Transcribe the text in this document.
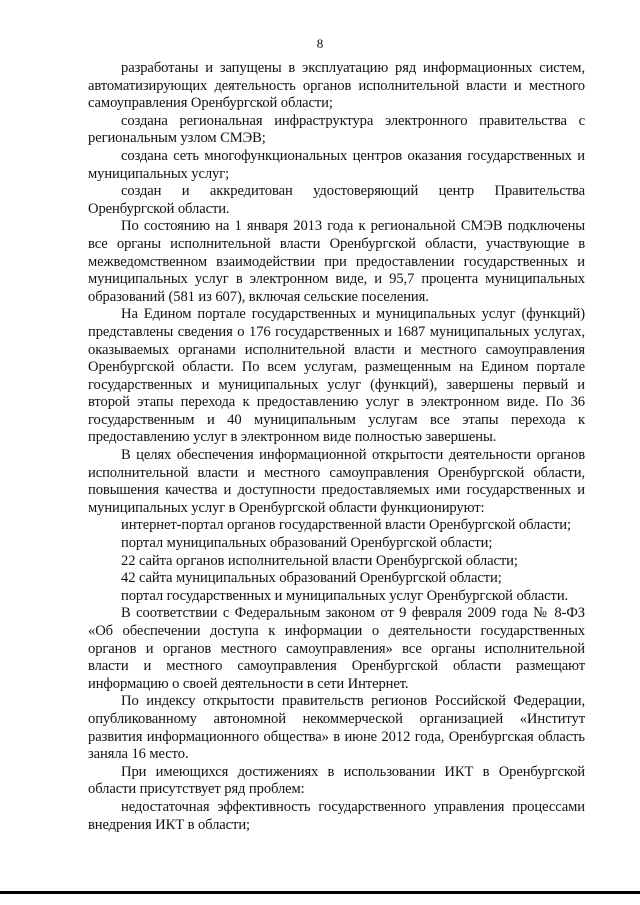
8

разработаны и запущены в эксплуатацию ряд информационных систем, автоматизирующих деятельность органов исполнительной власти и местного самоуправления Оренбургской области;

создана региональная инфраструктура электронного правительства с региональным узлом СМЭВ;

создана сеть многофункциональных центров оказания государственных и муниципальных услуг;

создан и аккредитован удостоверяющий центр Правительства Оренбургской области.

По состоянию на 1 января 2013 года к региональной СМЭВ подключены все органы исполнительной власти Оренбургской области, участвующие в межведомственном взаимодействии при предоставлении государственных и муниципальных услуг в электронном виде, и 95,7 процента муниципальных образований (581 из 607), включая сельские поселения.

На Едином портале государственных и муниципальных услуг (функций) представлены сведения о 176 государственных и 1687 муниципальных услугах, оказываемых органами исполнительной власти и местного самоуправления Оренбургской области. По всем услугам, размещенным на Едином портале государственных и муниципальных услуг (функций), завершены первый и второй этапы перехода к предоставлению услуг в электронном виде. По 36 государственным и 40 муниципальным услугам все этапы перехода к предоставлению услуг в электронном виде полностью завершены.

В целях обеспечения информационной открытости деятельности органов исполнительной власти и местного самоуправления Оренбургской области, повышения качества и доступности предоставляемых ими государственных и муниципальных услуг в Оренбургской области функционируют:

интернет-портал органов государственной власти Оренбургской области;

портал муниципальных образований Оренбургской области;

22 сайта органов исполнительной власти Оренбургской области;

42 сайта муниципальных образований Оренбургской области;

портал государственных и муниципальных услуг Оренбургской области.

В соответствии с Федеральным законом от 9 февраля 2009 года № 8-ФЗ «Об обеспечении доступа к информации о деятельности государственных органов и органов местного самоуправления» все органы исполнительной власти и местного самоуправления Оренбургской области размещают информацию о своей деятельности в сети Интернет.

По индексу открытости правительств регионов Российской Федерации, опубликованному автономной некоммерческой организацией «Институт развития информационного общества» в июне 2012 года, Оренбургская область заняла 16 место.

При имеющихся достижениях в использовании ИКТ в Оренбургской области присутствует ряд проблем:

недостаточная эффективность государственного управления процессами внедрения ИКТ в области;
